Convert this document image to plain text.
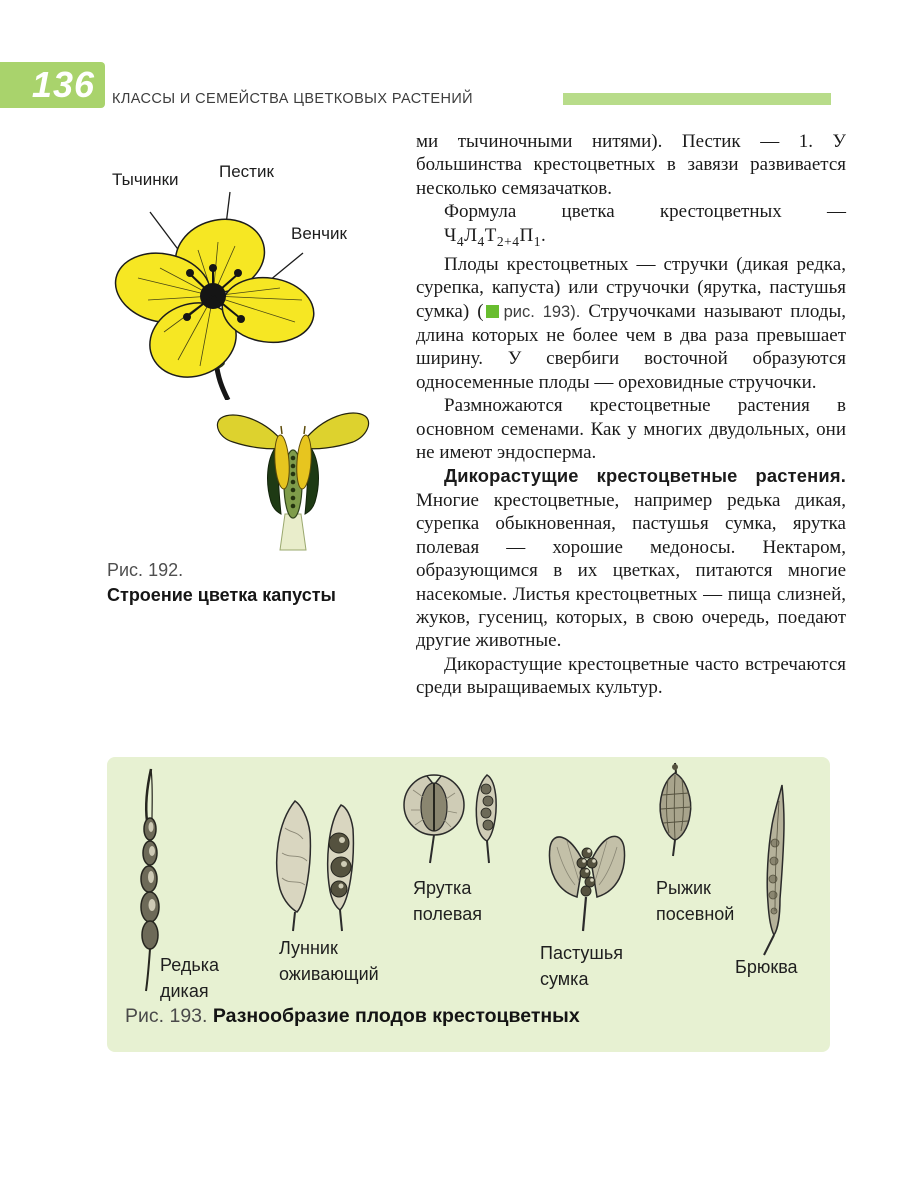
136 КЛАССЫ И СЕМЕЙСТВА ЦВЕТКОВЫХ РАСТЕНИЙ
Тычинки Пестик
Венчик
Рис. 192.
Строение цветка капусты

ми тычиночными нитями). Пестик — 1. У большинства крестоцветных в завязи развивается несколько семязачатков.

Формула цветка крестоцветных —

$Ч_4Л_4Т_{2+4}П_1$.

Плоды крестоцветных — стручки (дикая редка, сурепка, капуста) или стручочки (ярутка, пастушья сумка) ( рис. 193). Стручочками называют плоды, длина которых не более чем в два раза превышает ширину. У свербиги восточной образуются односеменные плоды — ореховидные стручочки.

Размножаются крестоцветные растения в основном семенами. Как у многих двудольных, они не имеют эндосперма.

Дикорастущие крестоцветные растения. Многие крестоцветные, например редька дикая, сурепка обыкновенная, пастушья сумка, ярутка полевая — хорошие медоносы. Нектаром, образующимся в их цветках, питаются многие насекомые. Листья крестоцветных — пища слизней, жуков, гусениц, которых, в свою очередь, поедают другие животные.

Дикорастущие крестоцветные часто встречаются среди выращиваемых культур.

Редька дикая
Лунник оживающий
Ярутка полевая
Пастушья сумка
Рыжик посевной
Брюква
Рис. 193. Разнообразие плодов крестоцветных
